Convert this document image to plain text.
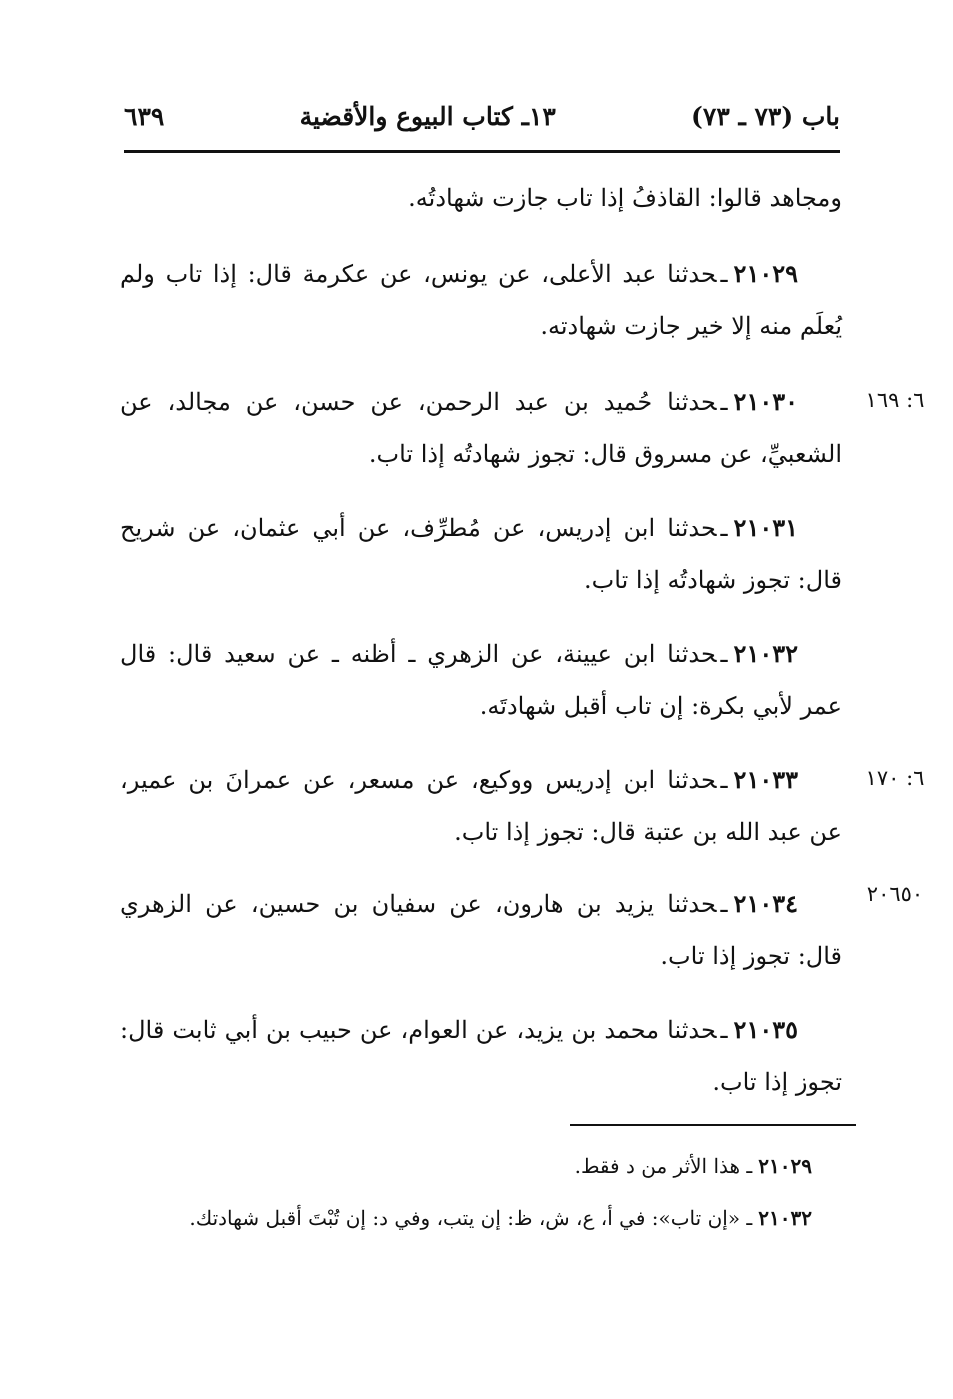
باب (٧٣ ـ ٧٣)
١٣ـ كتاب البيوع والأقضية
٦٣٩
ومجاهد قالوا: القاذفُ إذا تاب جازت شهادتُه.
٢١٠٢٩ـحدثنا عبد الأعلى، عن يونس، عن عكرمة قال: إذا تاب ولم يُعلَم منه إلا خير جازت شهادته.
٢١٠٣٠ـحدثنا حُميد بن عبد الرحمن، عن حسن، عن مجالد، عن الشعبيِّ، عن مسروق قال: تجوز شهادتُه إذا تاب.
٦: ١٦٩
٢١٠٣١ـحدثنا ابن إدريس، عن مُطرِّف، عن أبي عثمان، عن شريح قال: تجوز شهادتُه إذا تاب.
٢١٠٣٢ـحدثنا ابن عيينة، عن الزهري ـ أظنه ـ عن سعيد قال: قال عمر لأبي بكرة: إن تاب أقبل شهادتَه.
٢١٠٣٣ـحدثنا ابن إدريس ووكيع، عن مسعر، عن عمرانَ بن عمير، عن عبد الله بن عتبة قال: تجوز إذا تاب.
٦: ١٧٠
٢١٠٣٤ـحدثنا يزيد بن هارون، عن سفيان بن حسين، عن الزهري قال: تجوز إذا تاب.
٢٠٦٥٠
٢١٠٣٥ـحدثنا محمد بن يزيد، عن العوام، عن حبيب بن أبي ثابت قال: تجوز إذا تاب.
٢١٠٢٩ـ هذا الأثر من د فقط.
٢١٠٣٢ـ «إن تاب»: في أ، ع، ش، ظ: إن يتب، وفي د: إن تُبْتَ أقبل شهادتك.
